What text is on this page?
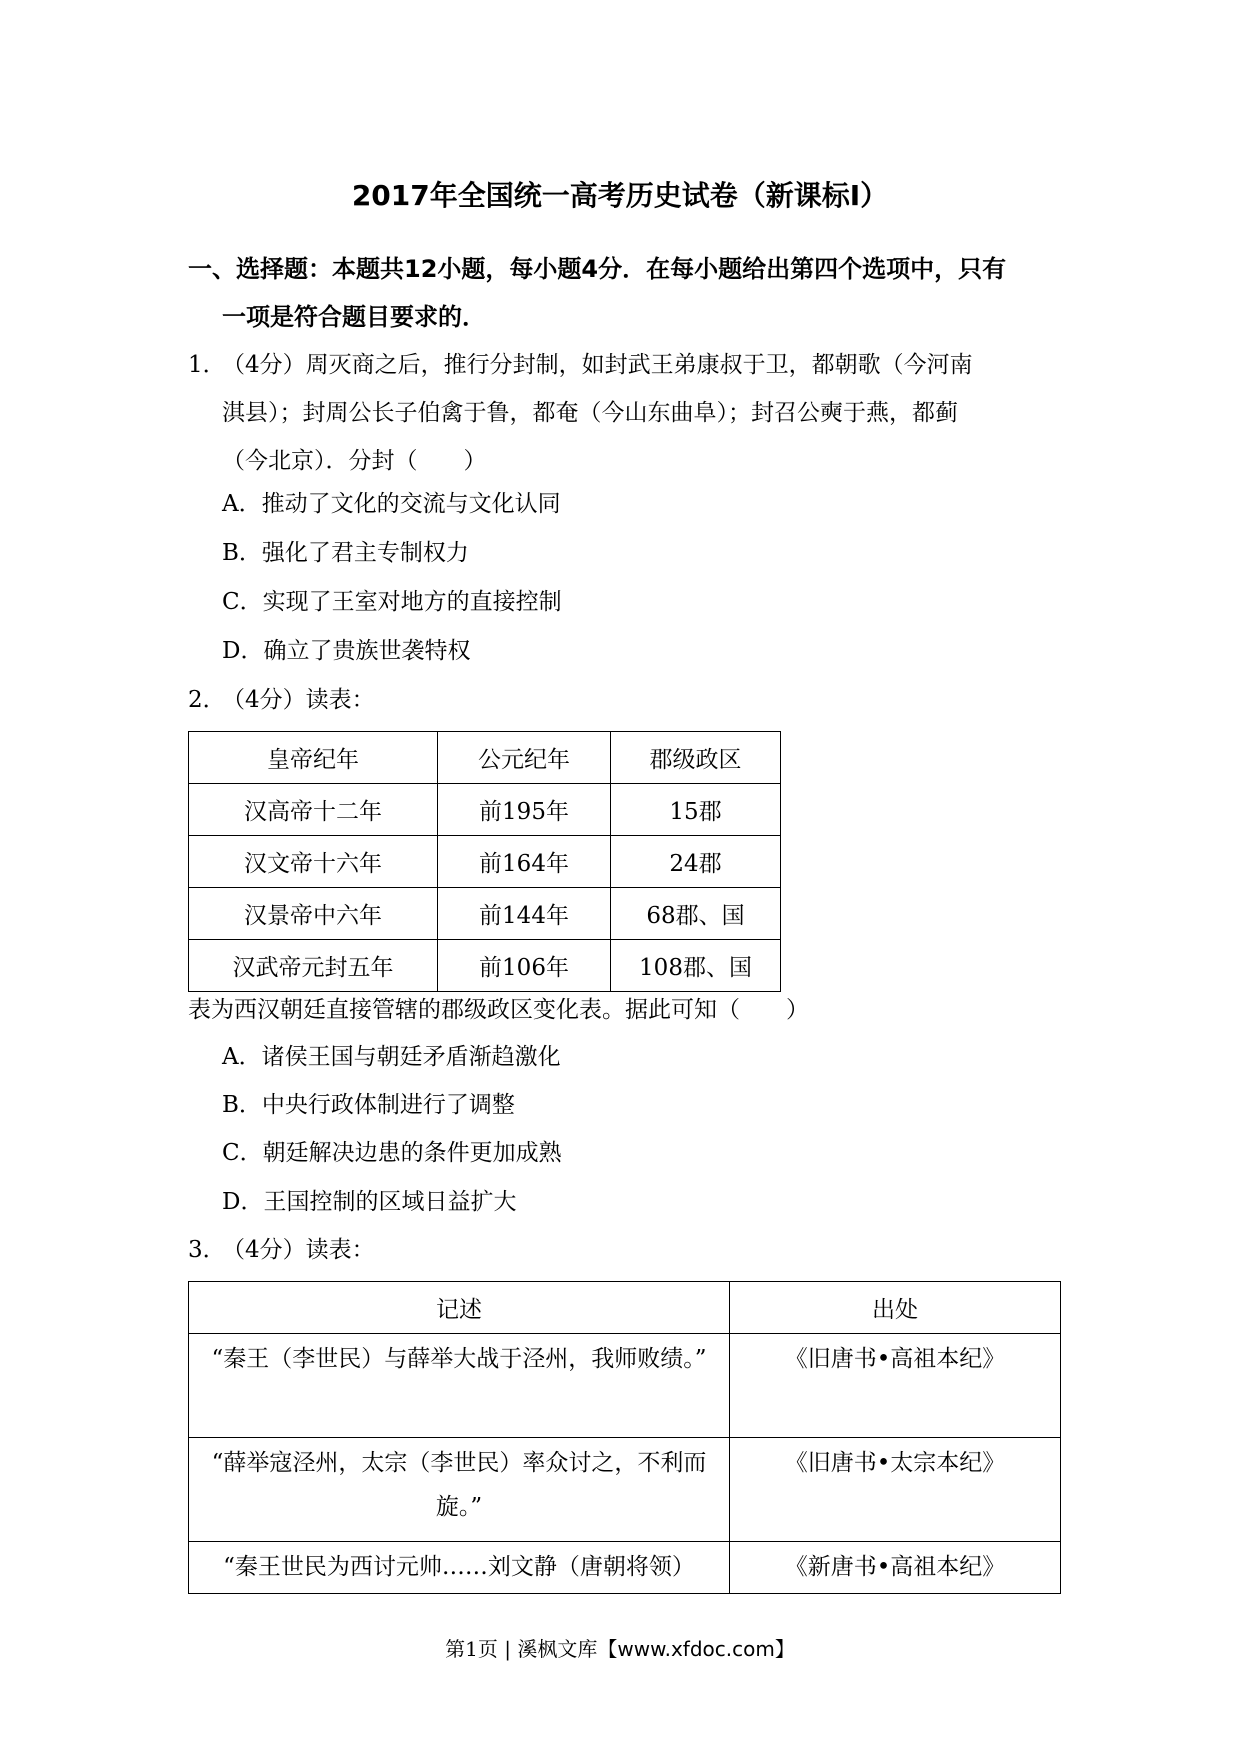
2017年全国统一高考历史试卷（新课标Ⅰ）
一、选择题：本题共12小题，每小题4分．在每小题给出第四个选项中，只有
一项是符合题目要求的．
1．（4分）周灭商之后，推行分封制，如封武王弟康叔于卫，都朝歌（今河南
淇县）；封周公长子伯禽于鲁，都奄（今山东曲阜）；封召公奭于燕，都蓟
（今北京）．分封（　　）
A．推动了文化的交流与文化认同
B．强化了君主专制权力
C．实现了王室对地方的直接控制
D．确立了贵族世袭特权
2．（4分）读表：
皇帝纪年	公元纪年	郡级政区
汉高帝十二年	前195年	15郡
汉文帝十六年	前164年	24郡
汉景帝中六年	前144年	68郡、国
汉武帝元封五年	前106年	108郡、国
表为西汉朝廷直接管辖的郡级政区变化表。据此可知（　　）
A．诸侯王国与朝廷矛盾渐趋激化
B．中央行政体制进行了调整
C．朝廷解决边患的条件更加成熟
D．王国控制的区域日益扩大
3．（4分）读表：
记述	出处
“秦王（李世民）与薛举大战于泾州，我师败绩。”	《旧唐书•高祖本纪》
“薛举寇泾州，太宗（李世民）率众讨之，不利而旋。”	《旧唐书•太宗本纪》
“秦王世民为西讨元帅……刘文静（唐朝将领）	《新唐书•高祖本纪》
第1页 | 溪枫文库【www.xfdoc.com】
